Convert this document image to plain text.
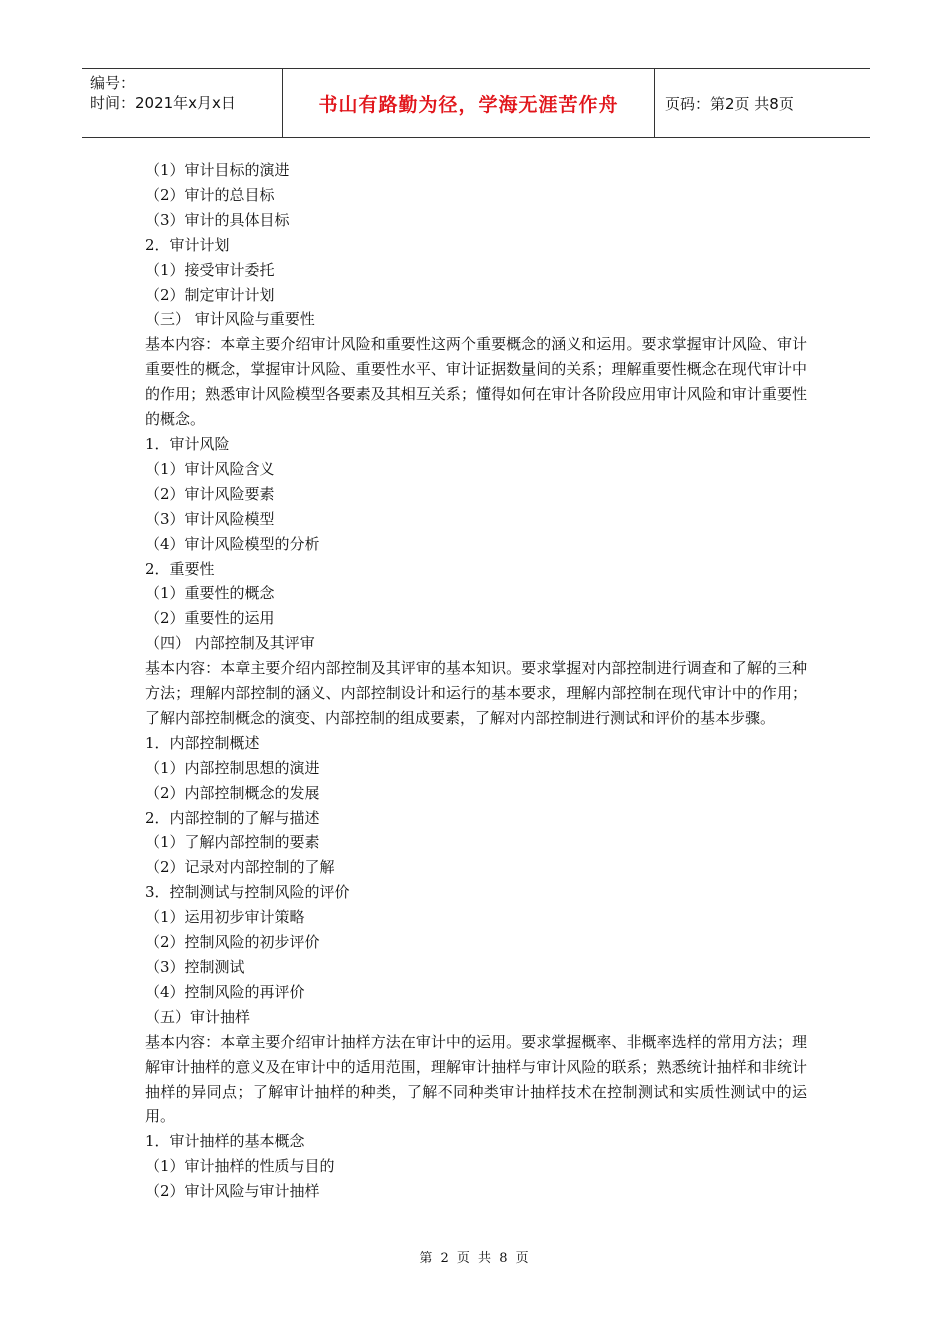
编号：
时间：2021年x月x日	书山有路勤为径，学海无涯苦作舟	页码：第2页 共8页
（1）审计目标的演进
（2）审计的总目标
（3）审计的具体目标
2．审计计划
（1）接受审计委托
（2）制定审计计划
（三） 审计风险与重要性
基本内容：本章主要介绍审计风险和重要性这两个重要概念的涵义和运用。要求掌握审计风险、审计重要性的概念，掌握审计风险、重要性水平、审计证据数量间的关系；理解重要性概念在现代审计中的作用；熟悉审计风险模型各要素及其相互关系；懂得如何在审计各阶段应用审计风险和审计重要性的概念。
1．审计风险
（1）审计风险含义
（2）审计风险要素
（3）审计风险模型
（4）审计风险模型的分析
2．重要性
（1）重要性的概念
（2）重要性的运用
（四） 内部控制及其评审
基本内容：本章主要介绍内部控制及其评审的基本知识。要求掌握对内部控制进行调查和了解的三种方法；理解内部控制的涵义、内部控制设计和运行的基本要求，理解内部控制在现代审计中的作用；了解内部控制概念的演变、内部控制的组成要素，了解对内部控制进行测试和评价的基本步骤。
1．内部控制概述
（1）内部控制思想的演进
（2）内部控制概念的发展
2．内部控制的了解与描述
（1）了解内部控制的要素
（2）记录对内部控制的了解
3．控制测试与控制风险的评价
（1）运用初步审计策略
（2）控制风险的初步评价
（3）控制测试
（4）控制风险的再评价
（五）审计抽样
基本内容：本章主要介绍审计抽样方法在审计中的运用。要求掌握概率、非概率选样的常用方法；理解审计抽样的意义及在审计中的适用范围，理解审计抽样与审计风险的联系；熟悉统计抽样和非统计抽样的异同点；了解审计抽样的种类，了解不同种类审计抽样技术在控制测试和实质性测试中的运用。
1．审计抽样的基本概念
（1）审计抽样的性质与目的
（2）审计风险与审计抽样
第 2 页 共 8 页
